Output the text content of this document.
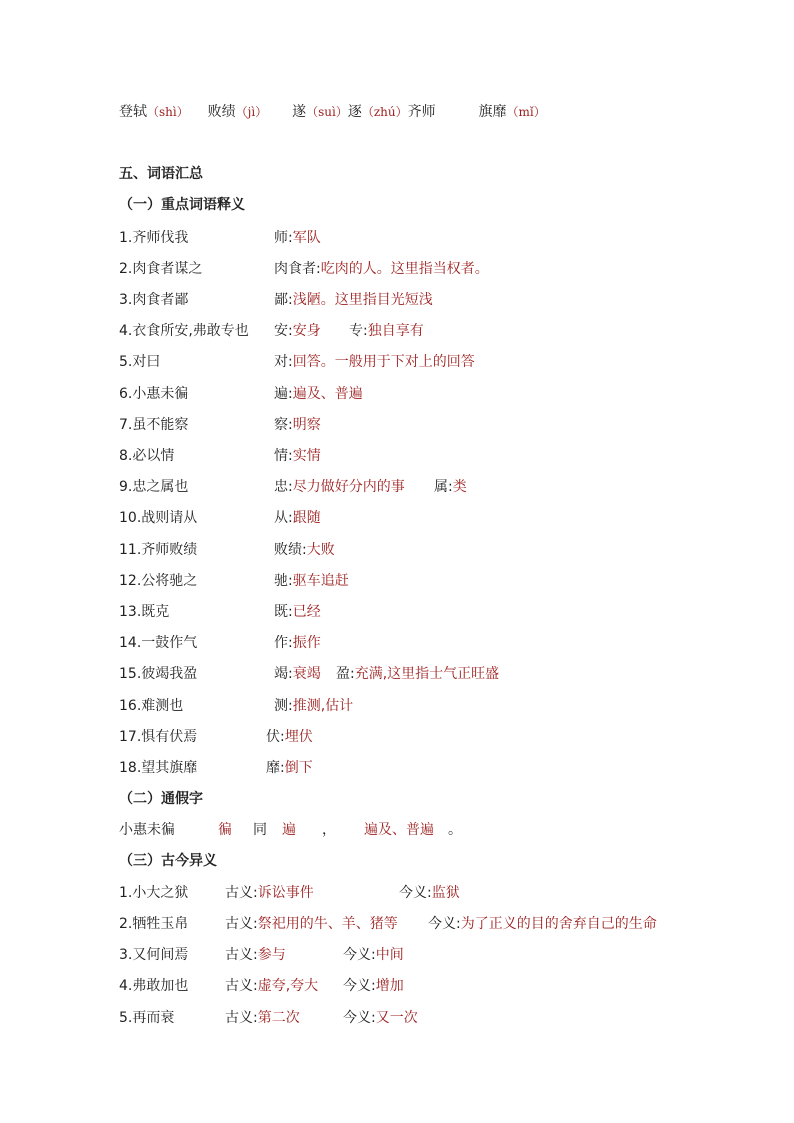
登轼（shì） 败绩（jì） 遂（suì）逐（zhú）齐师	旗靡（mǐ）
五、词语汇总
（一）重点词语释义
1.齐师伐我	师:军队
2.肉食者谋之	肉食者:吃肉的人。这里指当权者。
3.肉食者鄙	鄙:浅陋。这里指目光短浅
4.衣食所安,弗敢专也 安:安身 专:独自享有
5.对曰	对:回答。一般用于下对上的回答
6.小惠未徧	遍:遍及、普遍
7.虽不能察	察:明察
8.必以情	情:实情
9.忠之属也	忠:尽力做好分内的事 属:类
10.战则请从	从:跟随
11.齐师败绩	败绩:大败
12.公将驰之	驰:驱车追赶
13.既克	既:已经
14.一鼓作气	作:振作
15.彼竭我盈	竭:衰竭 盈:充满,这里指士气正旺盛
16.难测也	测:推测,估计
17.惧有伏焉	伏:埋伏
18.望其旗靡	靡:倒下
（二）通假字
小惠未徧	徧 同 遍 ， 遍及、普遍 。
（三）古今异义
1.小大之狱	古义:诉讼事件	今义:监狱
2.牺牲玉帛	古义:祭祀用的牛、羊、猪等 今义:为了正义的目的舍弃自己的生命
3.又何间焉	古义:参与	今义:中间
4.弗敢加也	古义:虚夸,夸大 今义:增加
5.再而衰	古义:第二次	今义:又一次
